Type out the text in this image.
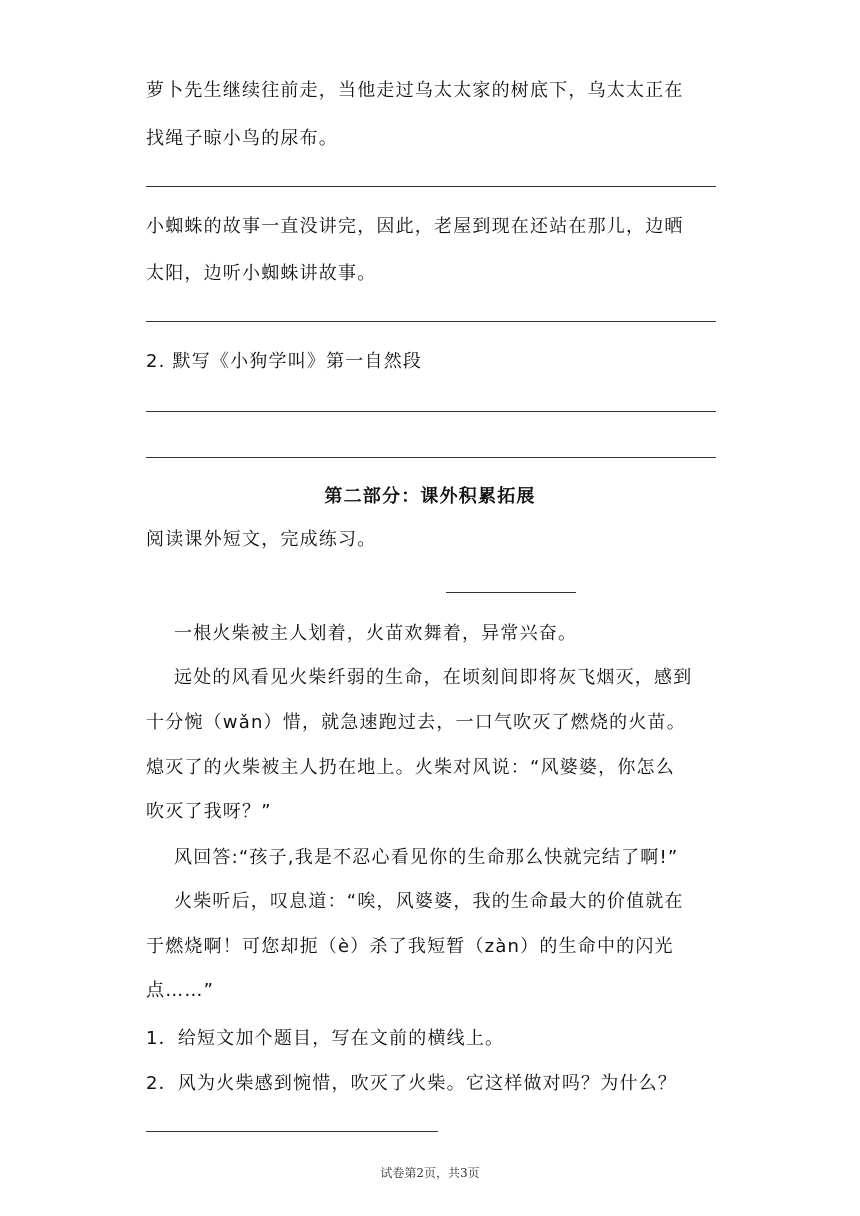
萝卜先生继续往前走，当他走过乌太太家的树底下，乌太太正在
找绳子晾小鸟的尿布。
小蜘蛛的故事一直没讲完，因此，老屋到现在还站在那儿，边晒
太阳，边听小蜘蛛讲故事。
2. 默写《小狗学叫》第一自然段
第二部分：课外积累拓展
阅读课外短文，完成练习。
一根火柴被主人划着，火苗欢舞着，异常兴奋。
远处的风看见火柴纤弱的生命，在顷刻间即将灰飞烟灭，感到
十分惋（wǎn）惜，就急速跑过去，一口气吹灭了燃烧的火苗。
熄灭了的火柴被主人扔在地上。火柴对风说：“风婆婆，你怎么
吹灭了我呀？”
风回答:“孩子,我是不忍心看见你的生命那么快就完结了啊!”
火柴听后，叹息道：“唉，风婆婆，我的生命最大的价值就在
于燃烧啊！可您却扼（è）杀了我短暂（zàn）的生命中的闪光
点……”
1．给短文加个题目，写在文前的横线上。
2．风为火柴感到惋惜，吹灭了火柴。它这样做对吗？为什么？
试卷第2页，共3页
